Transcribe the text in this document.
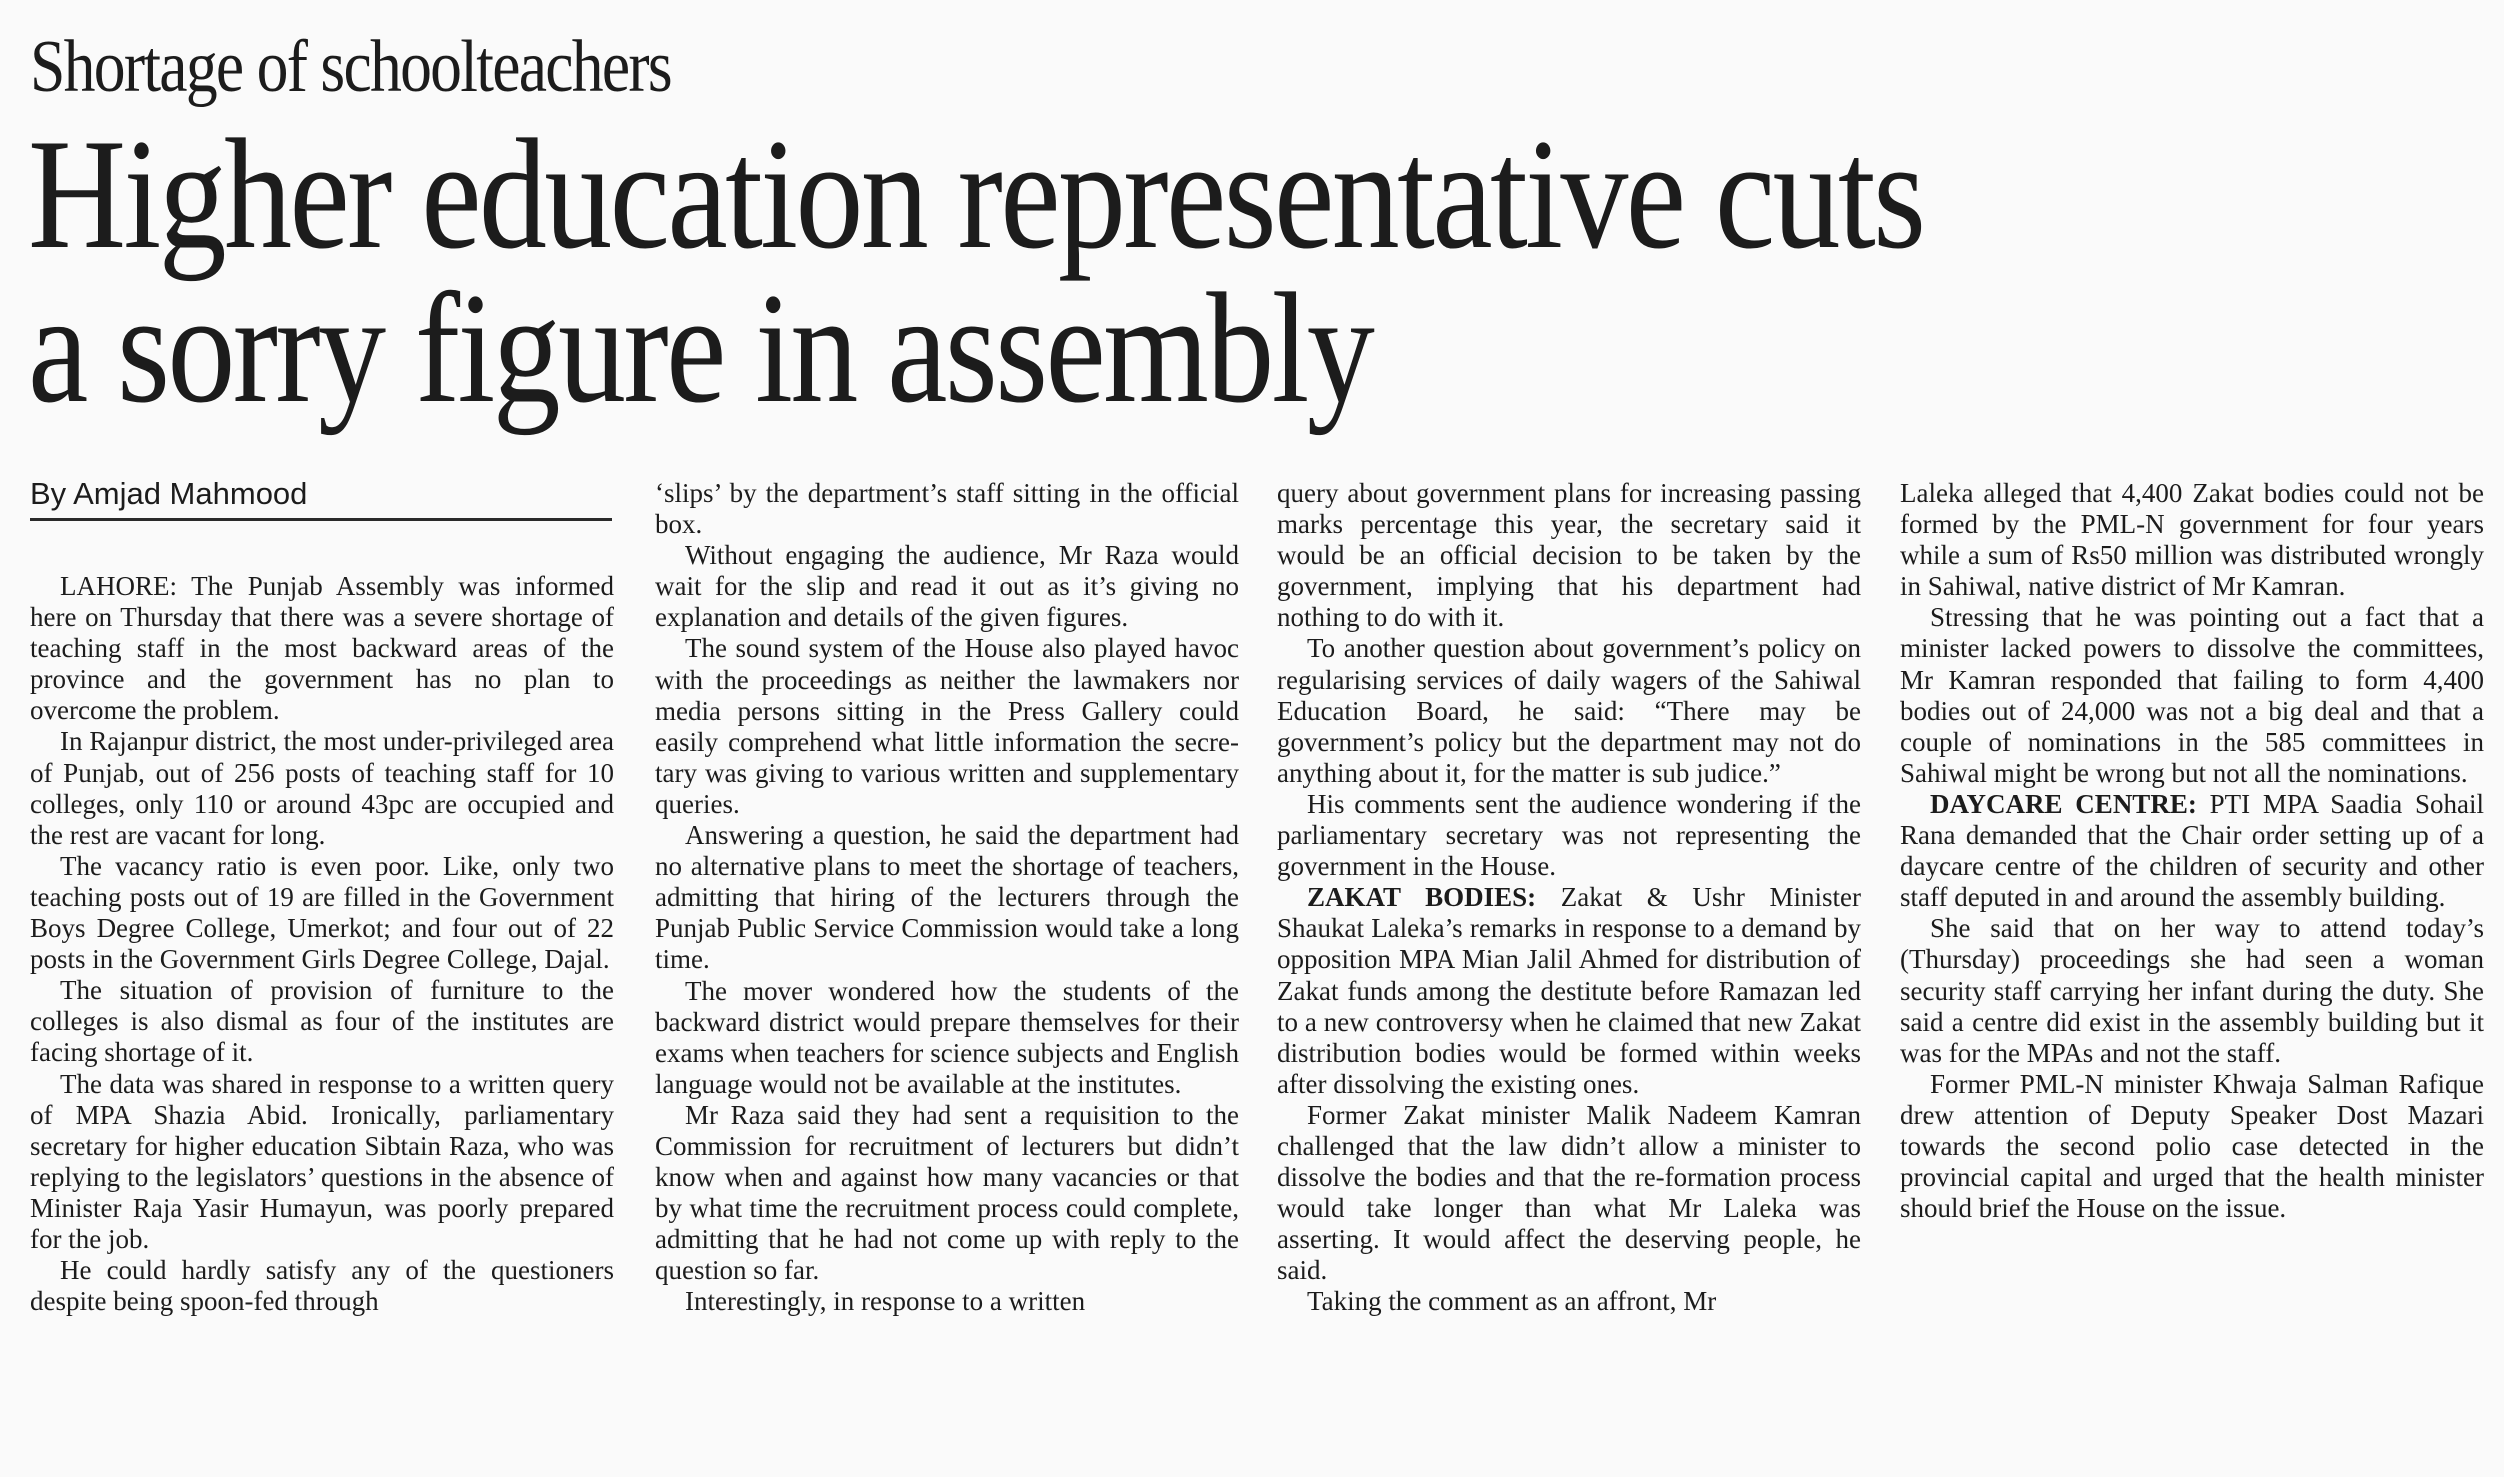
Shortage of schoolteachers
Higher education representative cuts
a sorry figure in assembly
By Amjad Mahmood

LAHORE: The Punjab Assembly was informed here on Thursday that there was a severe shortage of teaching staff in the most backward areas of the province and the government has no plan to overcome the problem.

In Rajanpur district, the most under-privileged area of Punjab, out of 256 posts of teaching staff for 10 colleges, only 110 or around 43pc are occupied and the rest are vacant for long.

The vacancy ratio is even poor. Like, only two teaching posts out of 19 are filled in the Government Boys Degree College, Umerkot; and four out of 22 posts in the Government Girls Degree College, Dajal.

The situation of provision of furniture to the colleges is also dismal as four of the institutes are facing shortage of it.

The data was shared in response to a written query of MPA Shazia Abid. Ironically, parliamentary secretary for higher education Sibtain Raza, who was replying to the legislators’ questions in the absence of Minister Raja Yasir Humayun, was poorly prepared for the job.

He could hardly satisfy any of the questioners despite being spoon-fed through

‘slips’ by the department’s staff sitting in the official box.

Without engaging the audience, Mr Raza would wait for the slip and read it out as it’s giving no explanation and details of the given figures.

The sound system of the House also played havoc with the proceedings as neither the lawmakers nor media persons sitting in the Press Gallery could easily comprehend what little information the secretary was giving to various written and supplementary queries.

Answering a question, he said the department had no alternative plans to meet the shortage of teachers, admitting that hiring of the lecturers through the Punjab Public Service Commission would take a long time.

The mover wondered how the students of the backward district would prepare themselves for their exams when teachers for science subjects and English language would not be available at the institutes.

Mr Raza said they had sent a requisition to the Commission for recruitment of lecturers but didn’t know when and against how many vacancies or that by what time the recruitment process could complete, admitting that he had not come up with reply to the question so far.

Interestingly, in response to a written

query about government plans for increasing passing marks percentage this year, the secretary said it would be an official decision to be taken by the government, implying that his department had nothing to do with it.

To another question about government’s policy on regularising services of daily wagers of the Sahiwal Education Board, he said: “There may be government’s policy but the department may not do anything about it, for the matter is sub judice.”

His comments sent the audience wondering if the parliamentary secretary was not representing the government in the House.

ZAKAT BODIES: Zakat & Ushr Minister Shaukat Laleka’s remarks in response to a demand by opposition MPA Mian Jalil Ahmed for distribution of Zakat funds among the destitute before Ramazan led to a new controversy when he claimed that new Zakat distribution bodies would be formed within weeks after dissolving the existing ones.

Former Zakat minister Malik Nadeem Kamran challenged that the law didn’t allow a minister to dissolve the bodies and that the re-formation process would take longer than what Mr Laleka was asserting. It would affect the deserving people, he said.

Taking the comment as an affront, Mr

Laleka alleged that 4,400 Zakat bodies could not be formed by the PML-N government for four years while a sum of Rs50 million was distributed wrongly in Sahiwal, native district of Mr Kamran.

Stressing that he was pointing out a fact that a minister lacked powers to dissolve the committees, Mr Kamran responded that failing to form 4,400 bodies out of 24,000 was not a big deal and that a couple of nominations in the 585 committees in Sahiwal might be wrong but not all the nominations.

DAYCARE CENTRE: PTI MPA Saadia Sohail Rana demanded that the Chair order setting up of a daycare centre of the children of security and other staff deputed in and around the assembly building.

She said that on her way to attend today’s (Thursday) proceedings she had seen a woman security staff carrying her infant during the duty. She said a centre did exist in the assembly building but it was for the MPAs and not the staff.

Former PML-N minister Khwaja Salman Rafique drew attention of Deputy Speaker Dost Mazari towards the second polio case detected in the provincial capital and urged that the health minister should brief the House on the issue.
